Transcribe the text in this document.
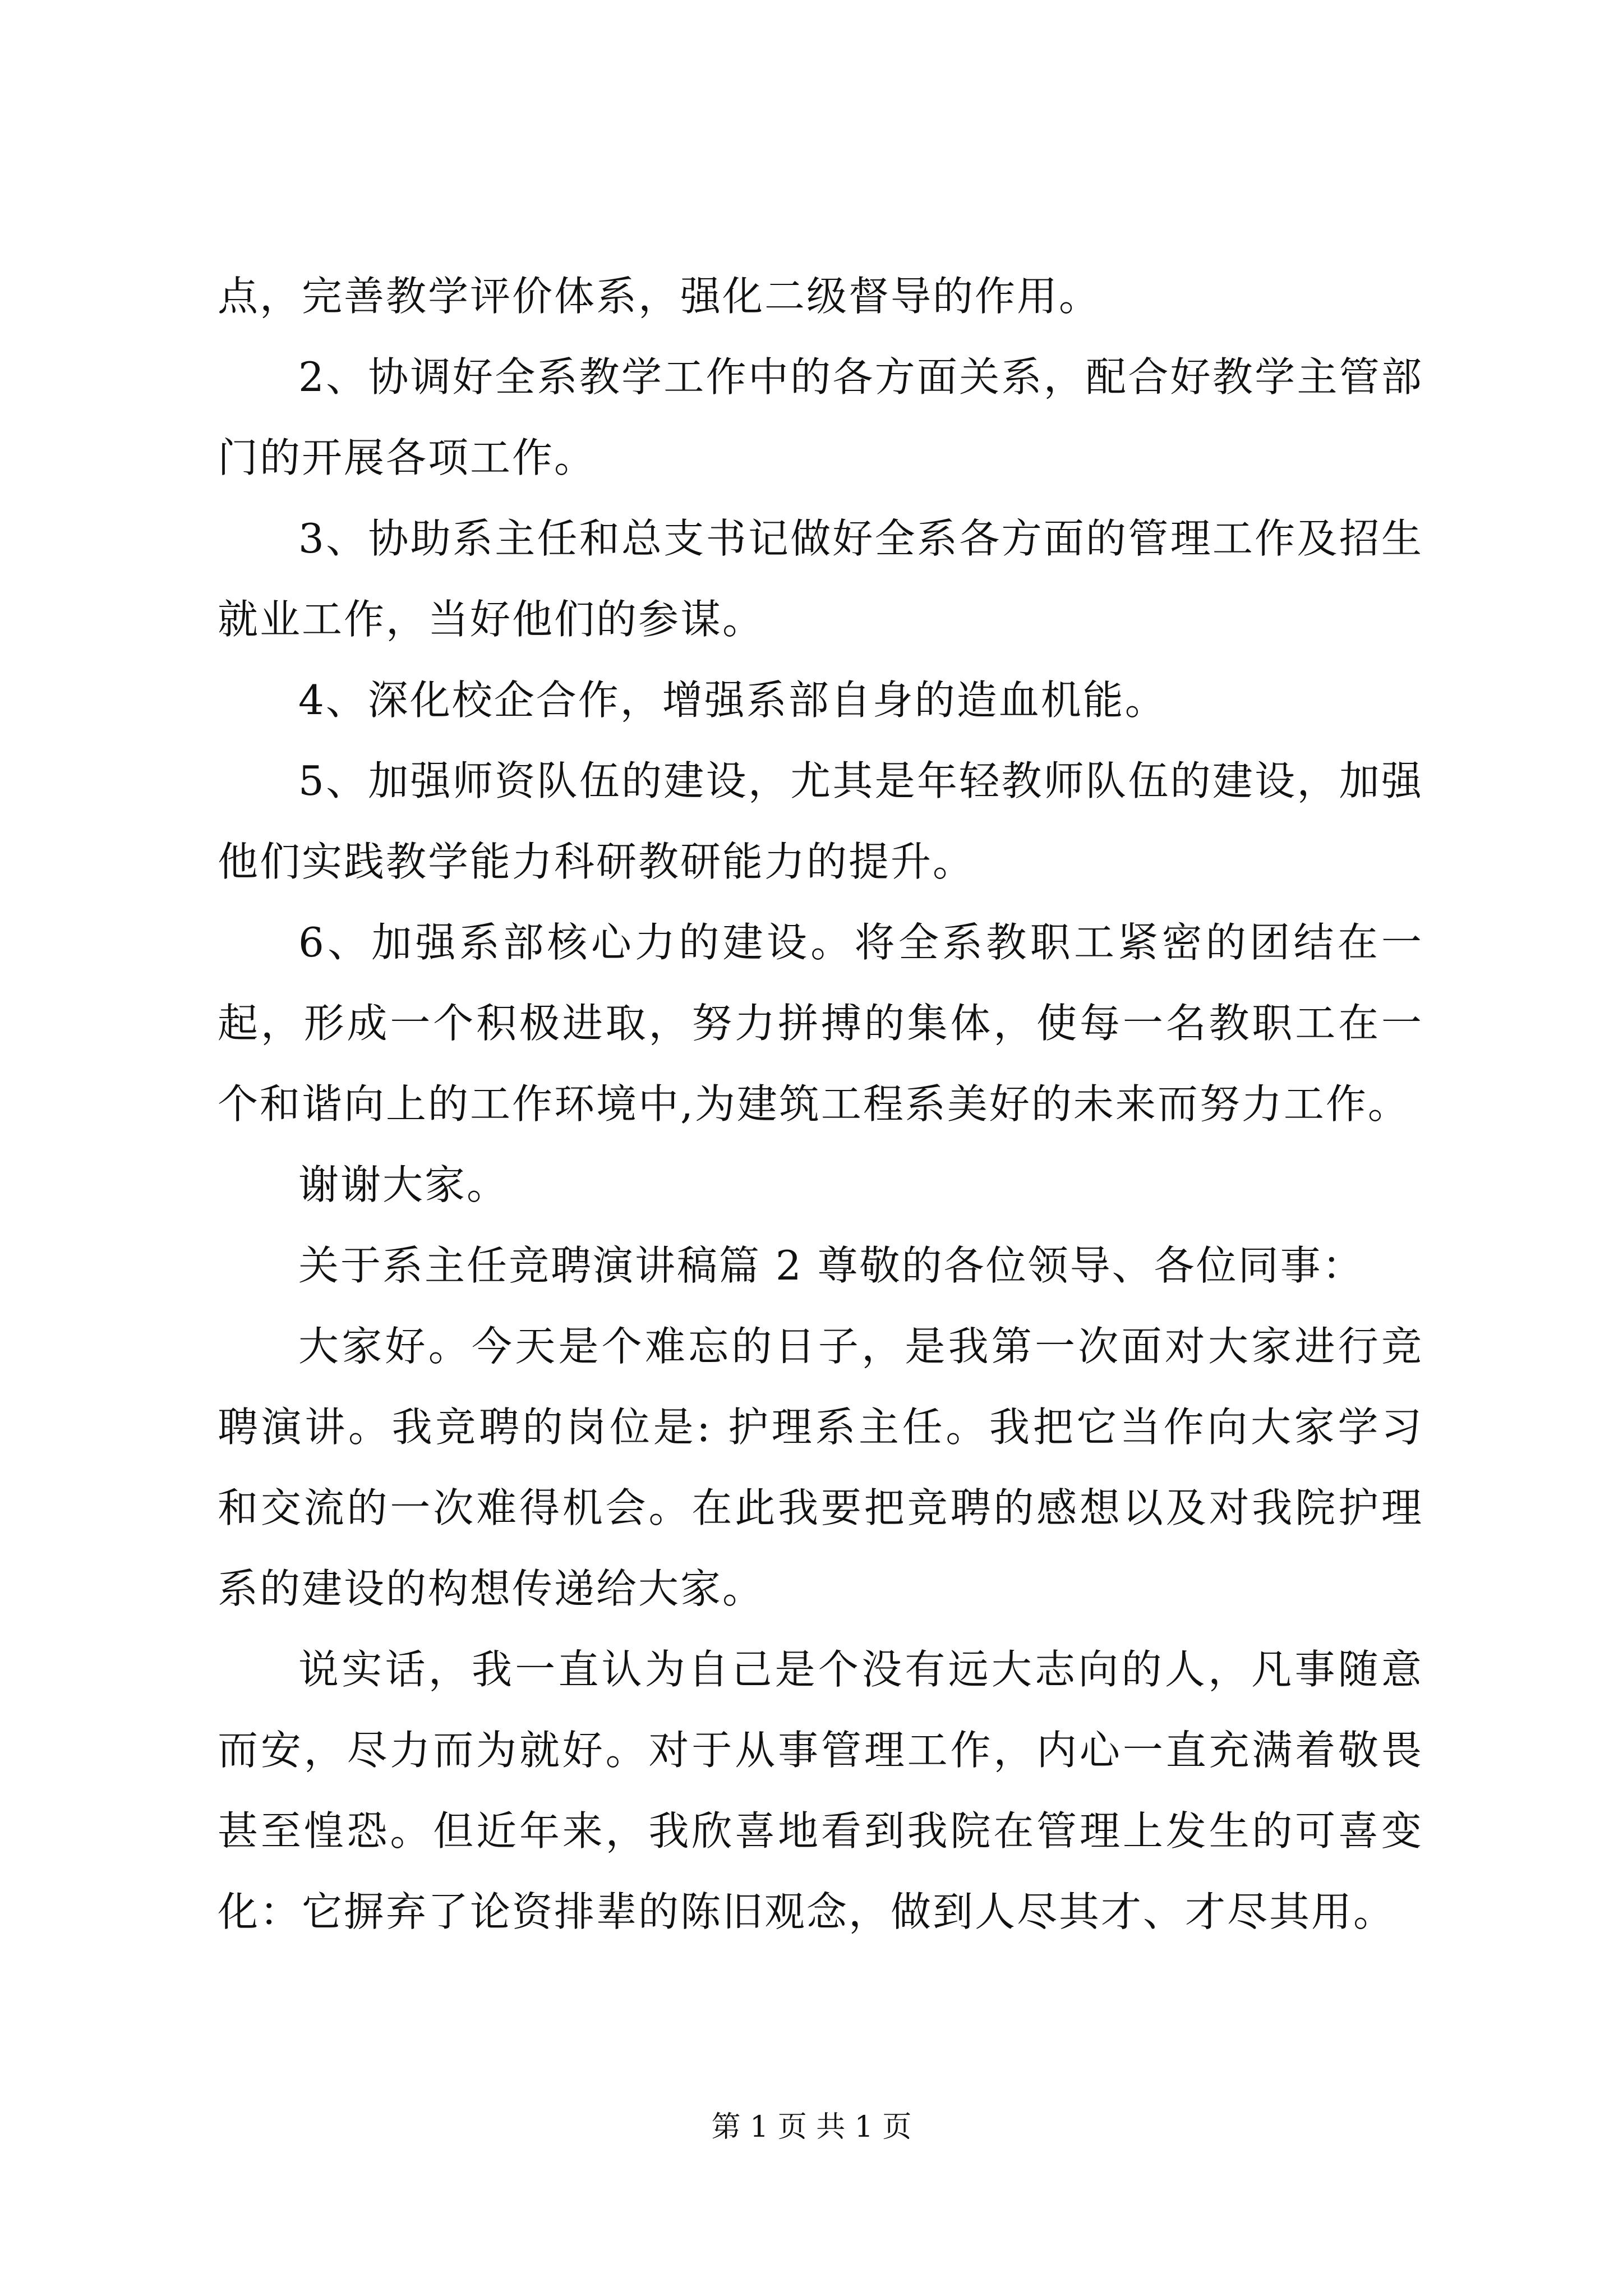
点，完善教学评价体系，强化二级督导的作用。

2、协调好全系教学工作中的各方面关系，配合好教学主管部门的开展各项工作。

3、协助系主任和总支书记做好全系各方面的管理工作及招生就业工作，当好他们的参谋。

4、深化校企合作，增强系部自身的造血机能。

5、加强师资队伍的建设，尤其是年轻教师队伍的建设，加强他们实践教学能力科研教研能力的提升。

6、加强系部核心力的建设。将全系教职工紧密的团结在一起，形成一个积极进取，努力拼搏的集体，使每一名教职工在一个和谐向上的工作环境中,为建筑工程系美好的未来而努力工作。

谢谢大家。

关于系主任竞聘演讲稿篇 2 尊敬的各位领导、各位同事：

大家好。今天是个难忘的日子，是我第一次面对大家进行竞聘演讲。我竞聘的岗位是: 护理系主任。我把它当作向大家学习和交流的一次难得机会。在此我要把竞聘的感想以及对我院护理系的建设的构想传递给大家。

说实话，我一直认为自己是个没有远大志向的人，凡事随意而安，尽力而为就好。对于从事管理工作，内心一直充满着敬畏甚至惶恐。但近年来，我欣喜地看到我院在管理上发生的可喜变化：它摒弃了论资排辈的陈旧观念，做到人尽其才、才尽其用。

第 1 页 共 1 页
